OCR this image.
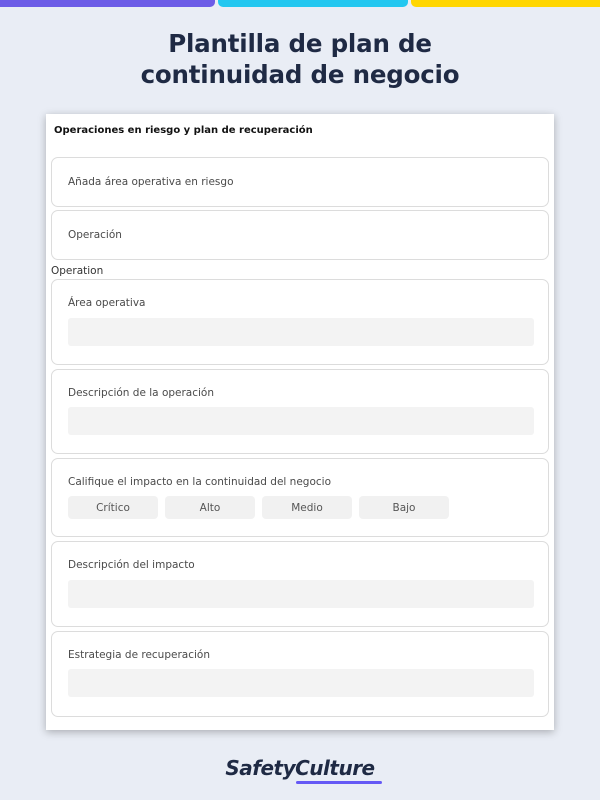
Plantilla de plan de
continuidad de negocio
Operaciones en riesgo y plan de recuperación
Añada área operativa en riesgo
Operación
Operation
Área operativa
Descripción de la operación
Califique el impacto en la continuidad del negocio
Crítico	Alto	Medio	Bajo
Descripción del impacto
Estrategia de recuperación
SafetyCulture
